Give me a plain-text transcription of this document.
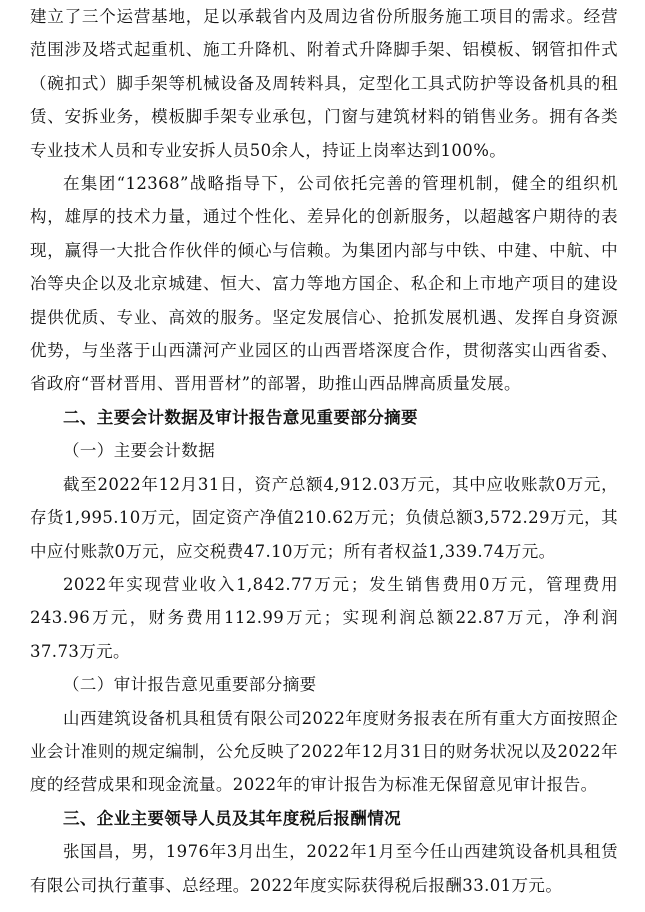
建立了三个运营基地，足以承载省内及周边省份所服务施工项目的需求。经营范围涉及塔式起重机、施工升降机、附着式升降脚手架、铝模板、钢管扣件式（碗扣式）脚手架等机械设备及周转料具，定型化工具式防护等设备机具的租赁、安拆业务，模板脚手架专业承包，门窗与建筑材料的销售业务。拥有各类专业技术人员和专业安拆人员50余人，持证上岗率达到100%。

在集团“12368”战略指导下，公司依托完善的管理机制，健全的组织机构，雄厚的技术力量，通过个性化、差异化的创新服务，以超越客户期待的表现，赢得一大批合作伙伴的倾心与信赖。为集团内部与中铁、中建、中航、中冶等央企以及北京城建、恒大、富力等地方国企、私企和上市地产项目的建设提供优质、专业、高效的服务。坚定发展信心、抢抓发展机遇、发挥自身资源优势，与坐落于山西潇河产业园区的山西晋塔深度合作，贯彻落实山西省委、省政府“晋材晋用、晋用晋材”的部署，助推山西品牌高质量发展。

二、主要会计数据及审计报告意见重要部分摘要

（一）主要会计数据

截至2022年12月31日，资产总额4,912.03万元，其中应收账款0万元，存货1,995.10万元，固定资产净值210.62万元；负债总额3,572.29万元，其中应付账款0万元，应交税费47.10万元；所有者权益1,339.74万元。

2022年实现营业收入1,842.77万元；发生销售费用0万元，管理费用243.96万元，财务费用112.99万元；实现利润总额22.87万元，净利润37.73万元。

（二）审计报告意见重要部分摘要

山西建筑设备机具租赁有限公司2022年度财务报表在所有重大方面按照企业会计准则的规定编制，公允反映了2022年12月31日的财务状况以及2022年度的经营成果和现金流量。2022年的审计报告为标准无保留意见审计报告。

三、企业主要领导人员及其年度税后报酬情况

张国昌，男，1976年3月出生，2022年1月至今任山西建筑设备机具租赁有限公司执行董事、总经理。2022年度实际获得税后报酬33.01万元。
